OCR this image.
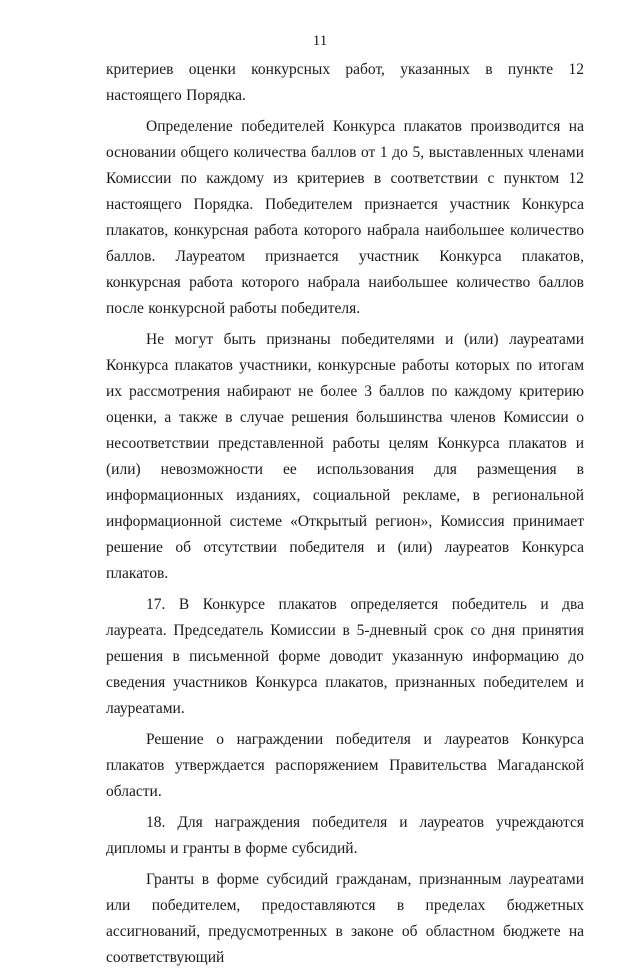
11

критериев оценки конкурсных работ, указанных в пункте 12 настоящего Порядка.

Определение победителей Конкурса плакатов производится на основании общего количества баллов от 1 до 5, выставленных членами Комиссии по каждому из критериев в соответствии с пунктом 12 настоящего Порядка. Победителем признается участник Конкурса плакатов, конкурсная работа которого набрала наибольшее количество баллов. Лауреатом признается участник Конкурса плакатов, конкурсная работа которого набрала наибольшее количество баллов после конкурсной работы победителя.

Не могут быть признаны победителями и (или) лауреатами Конкурса плакатов участники, конкурсные работы которых по итогам их рассмотрения набирают не более 3 баллов по каждому критерию оценки, а также в случае решения большинства членов Комиссии о несоответствии представленной работы целям Конкурса плакатов и (или) невозможности ее использования для размещения в информационных изданиях, социальной рекламе, в региональной информационной системе «Открытый регион», Комиссия принимает решение об отсутствии победителя и (или) лауреатов Конкурса плакатов.

17. В Конкурсе плакатов определяется победитель и два лауреата. Председатель Комиссии в 5-дневный срок со дня принятия решения в письменной форме доводит указанную информацию до сведения участников Конкурса плакатов, признанных победителем и лауреатами.

Решение о награждении победителя и лауреатов Конкурса плакатов утверждается распоряжением Правительства Магаданской области.

18. Для награждения победителя и лауреатов учреждаются дипломы и гранты в форме субсидий.

Гранты в форме субсидий гражданам, признанным лауреатами или победителем, предоставляются в пределах бюджетных ассигнований, предусмотренных в законе об областном бюджете на соответствующий
